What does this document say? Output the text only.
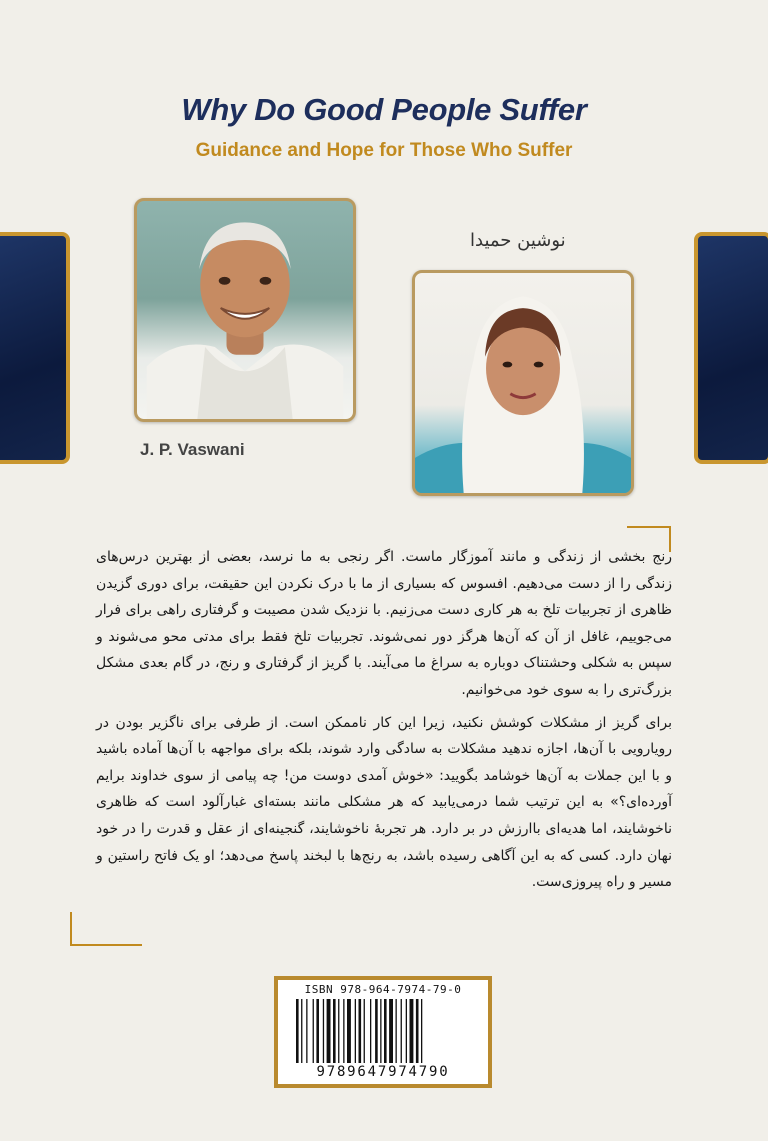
Why Do Good People Suffer
Guidance and Hope for Those Who Suffer
J. P. Vaswani
نوشین حمیدا

رنج بخشی از زندگی و مانند آموزگار ماست. اگر رنجی به ما نرسد، بعضی از بهترین درس‌های زندگی را از دست می‌دهیم. افسوس که بسیاری از ما با درک نکردن این حقیقت، برای دوری گزیدن ظاهری از تجربیات تلخ به هر کاری دست می‌زنیم. با نزدیک شدن مصیبت و گرفتاری راهی برای فرار می‌جوییم، غافل از آن که آن‌ها هرگز دور نمی‌شوند. تجربیات تلخ فقط برای مدتی محو می‌شوند و سپس به شکلی وحشتناک دوباره به سراغ ما می‌آیند. با گریز از گرفتاری و رنج، در گام بعدی مشکل بزرگ‌تری را به سوی خود می‌خوانیم.

برای گریز از مشکلات کوشش نکنید، زیرا این کار ناممکن است. از طرفی برای ناگزیر بودن در رویارویی با آن‌ها، اجازه ندهید مشکلات به سادگی وارد شوند، بلکه برای مواجهه با آن‌ها آماده باشید و با این جملات به آن‌ها خوشامد بگویید: «خوش آمدی دوست من! چه پیامی از سوی خداوند برایم آورده‌ای؟» به این ترتیب شما درمی‌یابید که هر مشکلی مانند بسته‌ای غبارآلود است که ظاهری ناخوشایند، اما هدیه‌ای باارزش در بر دارد. هر تجربهٔ ناخوشایند، گنجینه‌ای از عقل و قدرت را در خود نهان دارد. کسی که به این آگاهی رسیده باشد، به رنج‌ها با لبخند پاسخ می‌دهد؛ او یک فاتح راستین و مسیر و راه پیروزی‌ست.

ISBN 978-964-7974-79-0
9789647974790
